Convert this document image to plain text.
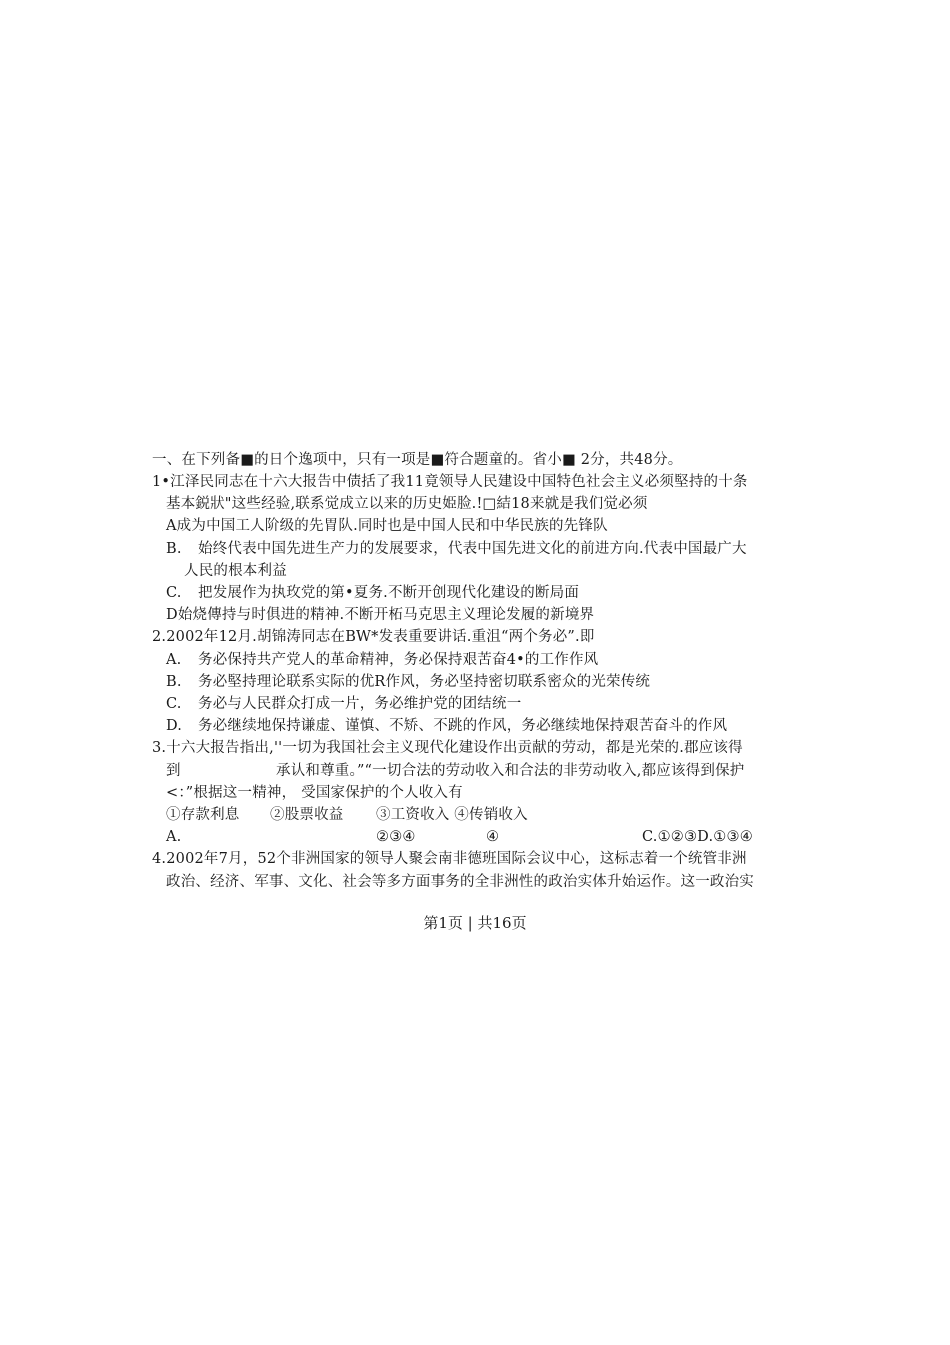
一、在下列备■的日个逸项中，只有一项是■符合题童的。省小■ 2分，共48分。
1•江泽民同志在十六大报告中债括了我11竟领导人民建设中国特色社会主义必须堅持的十条
基本鋭狀"这些经验,联系觉成立以来的历史姫脸.!□結18来就是我们觉必须
A成为中国工人阶级的先胃队.同时也是中国人民和中华民族的先锋队
B. 始终代表中国先进生产力的发展要求，代表中国先进文化的前进方向.代表中国最广大
人民的根本利益
C. 把发展作为执玫党的第•夏务.不断开创现代化建设的断局面
D始烧傳持与时俱进的精神.不断开柘马克思主义理论发履的新境界
2.2002年12月.胡锦涛同志在BW*发表重要讲话.重沮“两个务必”.即
A. 务必保持共产党人的革命精神，务必保持艰苦奋4•的工作作风
B. 务必堅持理论联系实际的优R作风，务必坚持密切联系密众的光荣传统
C. 务必与人民群众打成一片，务必维护党的团结统一
D. 务必继续地保持谦虚、谨慎、不矫、不跳的作风，务必继续地保持艰苦奋斗的作风
3.十六大报告指出,''一切为我国社会主义现代化建设作出贡献的劳动，都是光荣的.郡应该得
到	承认和尊重。”“一切合法的劳动收入和合法的非劳动收入,都应该得到保护
<：”根据这一精神， 受国家保护的个人收入有
①存款利息 ②股票收益 ③工资收入 ④传销收入
A.	②③④	④	C.①②③D.①③④
4.2002年7月，52个非洲国家的领导人聚会南非德班国际会议中心，这标志着一个统管非洲
政治、经济、军事、文化、社会等多方面事务的全非洲性的政治实体升始运作。这一政治实
第1页 | 共16页
